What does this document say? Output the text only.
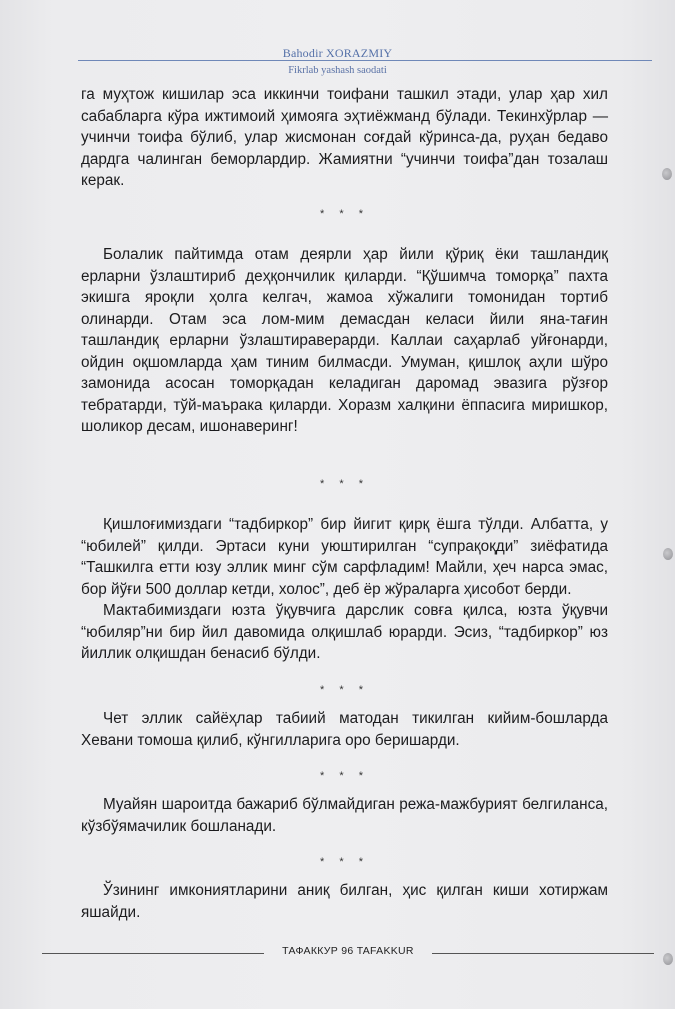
Bahodir XORAZMIY
Fikrlab yashash saodati

га муҳтож кишилар эса иккинчи тоифани ташкил этади, улар ҳар хил сабабларга кўра ижтимоий ҳимояга эҳтиёжманд бўлади. Текинхўрлар — учинчи тоифа бўлиб, улар жисмонан соғдай кўринса-да, руҳан бедаво дардга чалинган беморлардир. Жамиятни “учинчи тоифа”дан тозалаш керак.

* * *

Болалик пайтимда отам деярли ҳар йили қўриқ ёки ташландиқ ерларни ўзлаштириб деҳқончилик қиларди. “Қўшимча томорқа” пахта экишга яроқли ҳолга келгач, жамоа хўжалиги томонидан тортиб олинарди. Отам эса лом-мим демасдан келаси йили яна-тағин ташландиқ ерларни ўзлаштираверарди. Каллаи саҳарлаб уйғонарди, ойдин оқшомларда ҳам тиним билмасди. Умуман, қишлоқ аҳли шўро замонида асосан томорқадан келадиган даромад эвазига рўзғор тебратарди, тўй-маъракa қиларди. Хоразм халқини ёппасига миришкор, шоликор десам, ишонаверинг!

* * *

Қишлоғимиздаги “тадбиркор” бир йигит қирқ ёшга тўлди. Албатта, у “юбилей” қилди. Эртаси куни уюштирилган “супрақоқди” зиёфатида “Ташкилга етти юзу эллик минг сўм сарфладим! Майли, ҳеч нарса эмас, бор йўғи 500 доллар кетди, холос”, деб ёр жўраларга ҳисобот берди.

Мактабимиздаги юзта ўқувчига дарслик совға қилса, юзта ўқувчи “юбиляр”ни бир йил давомида олқишлаб юрарди. Эсиз, “тадбиркор” юз йиллик олқишдан бенасиб бўлди.

* * *

Чет эллик сайёҳлар табиий матодан тикилган кийим-бошларда Хевани томоша қилиб, кўнгилларига оро беришарди.

* * *

Муайян шароитда бажариб бўлмайдиган режа-мажбурият белгиланса, кўзбўямачилик бошланади.

* * *

Ўзининг имкониятларини аниқ билган, ҳис қилган киши хотиржам яшайди.

ТАФАККУР 96 TAFAKKUR
